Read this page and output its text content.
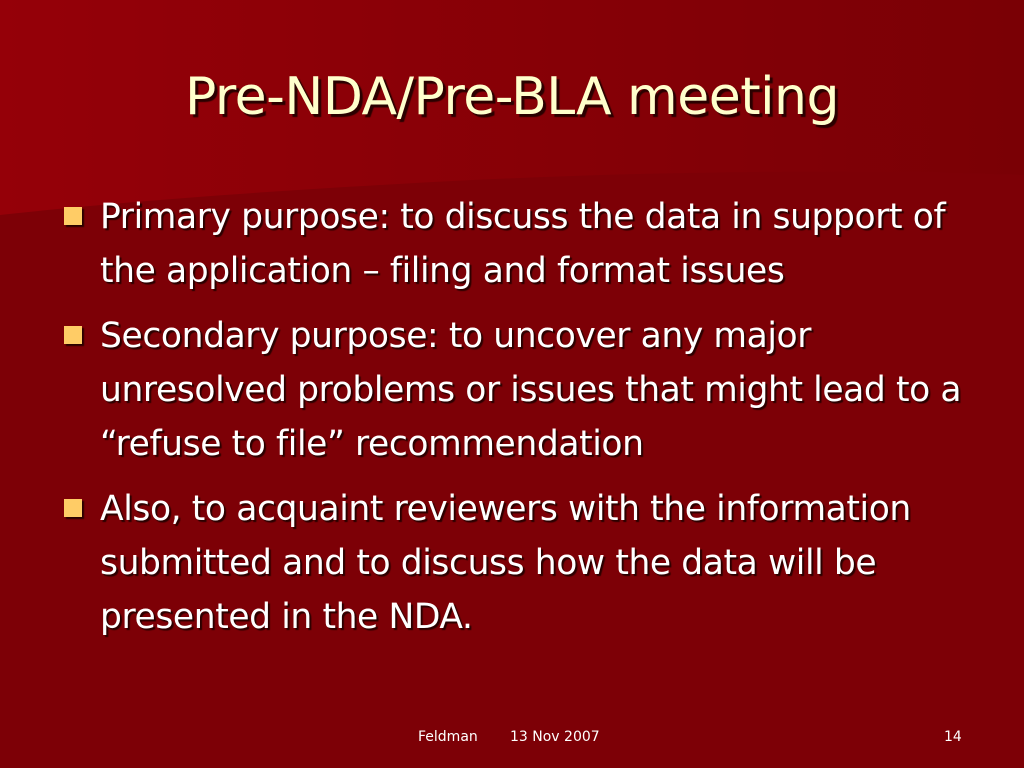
Pre-NDA/Pre-BLA meeting
Primary purpose: to discuss the data in support of the application – filing and format issues
Secondary purpose: to uncover any major unresolved problems or issues that might lead to a “refuse to file” recommendation
Also, to acquaint reviewers with the information submitted and to discuss how the data will be presented in the NDA.
Feldman 13 Nov 2007	14
